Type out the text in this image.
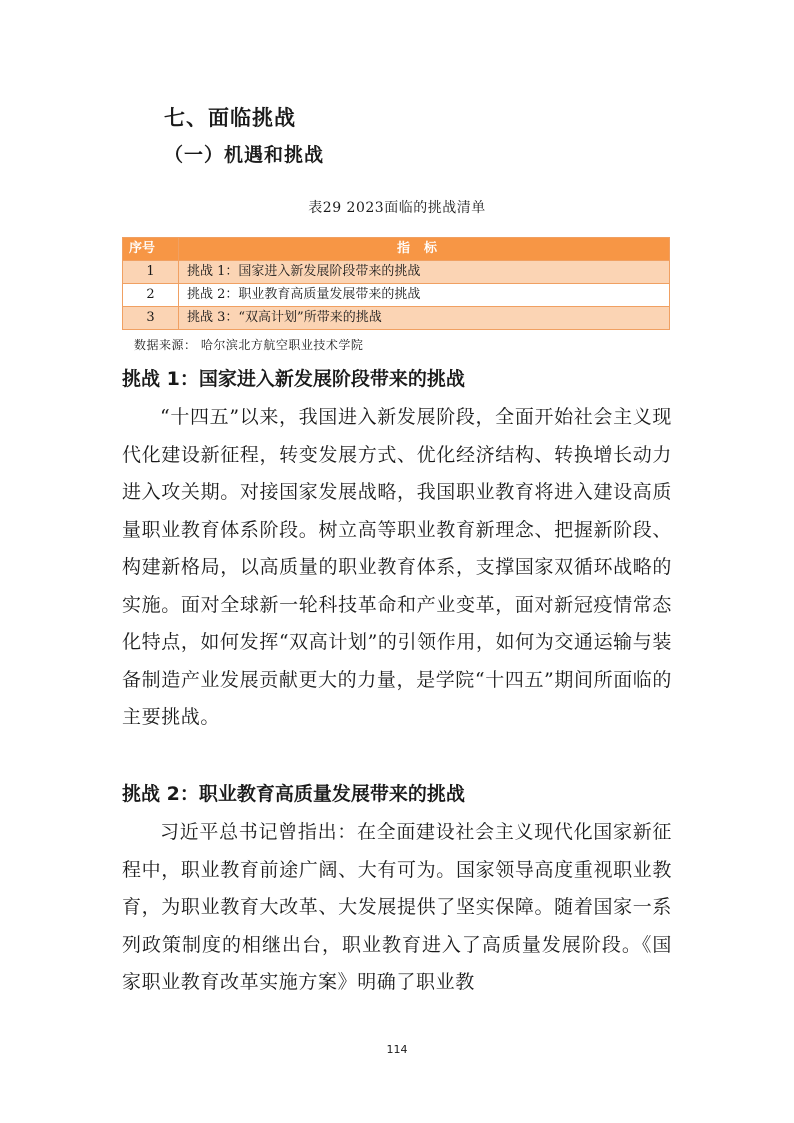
七、面临挑战
（一）机遇和挑战
表29 2023面临的挑战清单
序号	指标
1	挑战 1：国家进入新发展阶段带来的挑战
2	挑战 2：职业教育高质量发展带来的挑战
3	挑战 3：“双高计划”所带来的挑战
数据来源： 哈尔滨北方航空职业技术学院
挑战 1：国家进入新发展阶段带来的挑战

“十四五”以来，我国进入新发展阶段，全面开始社会主义现代化建设新征程，转变发展方式、优化经济结构、转换增长动力进入攻关期。对接国家发展战略，我国职业教育将进入建设高质量职业教育体系阶段。树立高等职业教育新理念、把握新阶段、构建新格局，以高质量的职业教育体系，支撑国家双循环战略的实施。面对全球新一轮科技革命和产业变革，面对新冠疫情常态化特点，如何发挥“双高计划”的引领作用，如何为交通运输与装备制造产业发展贡献更大的力量，是学院“十四五”期间所面临的主要挑战。

挑战 2：职业教育高质量发展带来的挑战

习近平总书记曾指出：在全面建设社会主义现代化国家新征程中，职业教育前途广阔、大有可为。国家领导高度重视职业教育，为职业教育大改革、大发展提供了坚实保障。随着国家一系列政策制度的相继出台，职业教育进入了高质量发展阶段。《国家职业教育改革实施方案》明确了职业教

114
